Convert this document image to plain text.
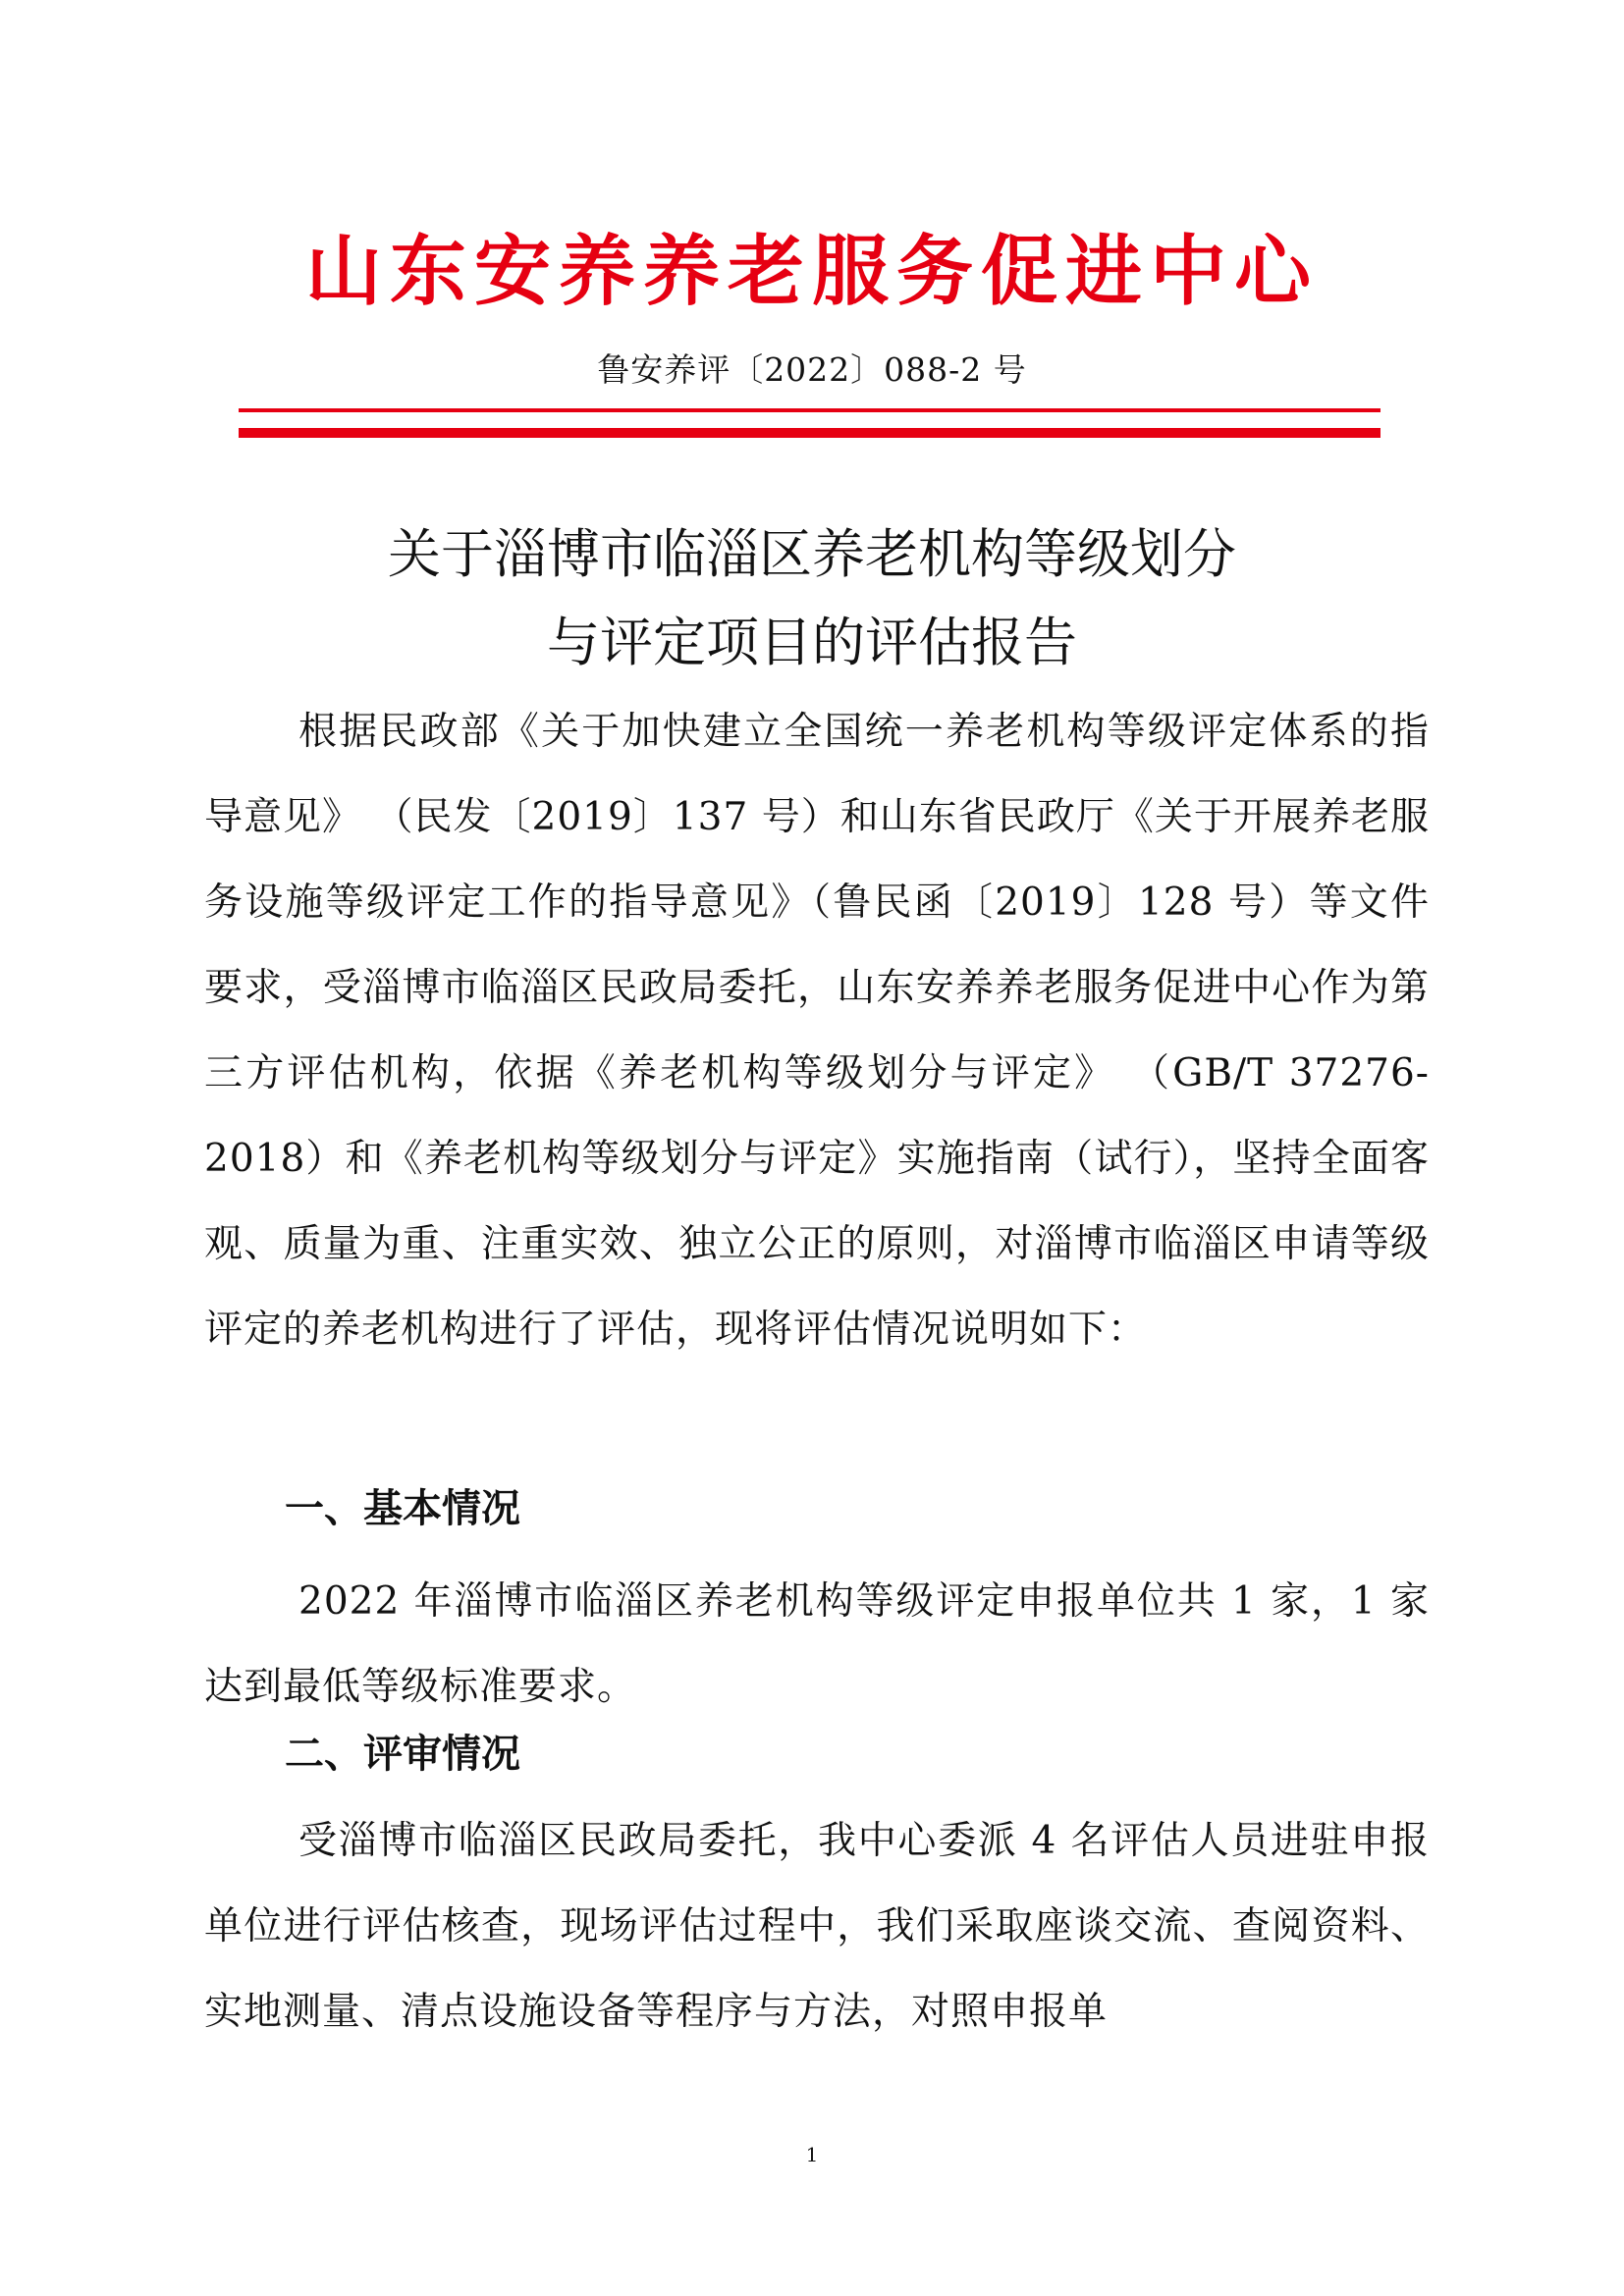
山东安养养老服务促进中心
鲁安养评〔2022〕088-2 号
关于淄博市临淄区养老机构等级划分
与评定项目的评估报告
根据民政部《关于加快建立全国统一养老机构等级评定体系的指导意见》 （民发〔2019〕137 号）和山东省民政厅《关于开展养老服务设施等级评定工作的指导意见》（鲁民函〔2019〕128 号）等文件要求，受淄博市临淄区民政局委托，山东安养养老服务促进中心作为第三方评估机构，依据《养老机构等级划分与评定》 （GB/T 37276-2018）和《养老机构等级划分与评定》实施指南（试行），坚持全面客观、质量为重、注重实效、独立公正的原则，对淄博市临淄区申请等级评定的养老机构进行了评估，现将评估情况说明如下：
一、基本情况
2022 年淄博市临淄区养老机构等级评定申报单位共 1 家，1 家达到最低等级标准要求。
二、评审情况
受淄博市临淄区民政局委托，我中心委派 4 名评估人员进驻申报单位进行评估核查，现场评估过程中，我们采取座谈交流、查阅资料、实地测量、清点设施设备等程序与方法，对照申报单
1
